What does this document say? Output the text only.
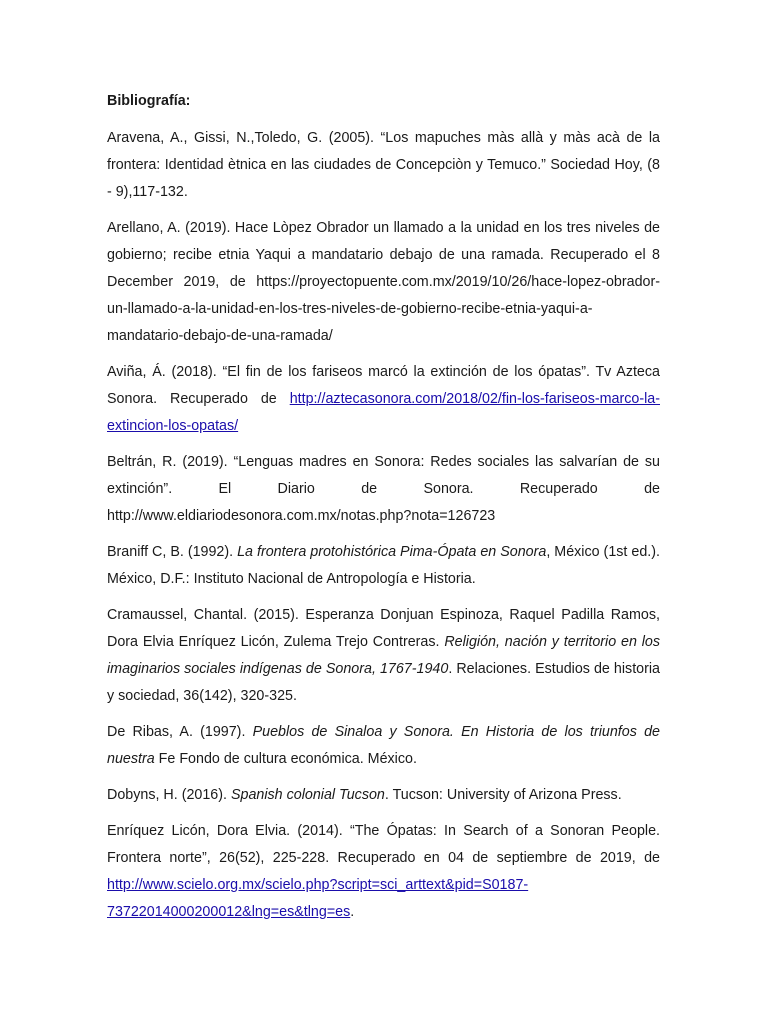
Bibliografía:

Aravena, A., Gissi, N.,Toledo, G. (2005). “Los mapuches màs allà y màs acà de la frontera: Identidad ètnica en las ciudades de Concepciòn y Temuco.” Sociedad Hoy, (8 - 9),117-132.

Arellano, A. (2019). Hace Lòpez Obrador un llamado a la unidad en los tres niveles de gobierno; recibe etnia Yaqui a mandatario debajo de una ramada. Recuperado el 8 December 2019, de https://proyectopuente.com.mx/2019/10/26/hace-lopez-obrador-un-llamado-a-la-unidad-en-los-tres-niveles-de-gobierno-recibe-etnia-yaqui-a-mandatario-debajo-de-una-ramada/

Aviña, Á. (2018). “El fin de los fariseos marcó la extinción de los ópatas”. Tv Azteca Sonora. Recuperado de http://aztecasonora.com/2018/02/fin-los-fariseos-marco-la-extincion-los-opatas/

Beltrán, R. (2019). “Lenguas madres en Sonora: Redes sociales las salvarían de su extinción”. El Diario de Sonora. Recuperado de http://www.eldiariodesonora.com.mx/notas.php?nota=126723

Braniff C, B. (1992). La frontera protohistórica Pima-Ópata en Sonora, México (1st ed.). México, D.F.: Instituto Nacional de Antropología e Historia.

Cramaussel, Chantal. (2015). Esperanza Donjuan Espinoza, Raquel Padilla Ramos, Dora Elvia Enríquez Licón, Zulema Trejo Contreras. Religión, nación y territorio en los imaginarios sociales indígenas de Sonora, 1767-1940. Relaciones. Estudios de historia y sociedad, 36(142), 320-325.

De Ribas, A. (1997). Pueblos de Sinaloa y Sonora. En Historia de los triunfos de nuestra Fe Fondo de cultura económica. México.

Dobyns, H. (2016). Spanish colonial Tucson. Tucson: University of Arizona Press.

Enríquez Licón, Dora Elvia. (2014). “The Ópatas: In Search of a Sonoran People. Frontera norte”, 26(52), 225-228. Recuperado en 04 de septiembre de 2019, de http://www.scielo.org.mx/scielo.php?script=sci_arttext&pid=S0187-73722014000200012&lng=es&tlng=es.
